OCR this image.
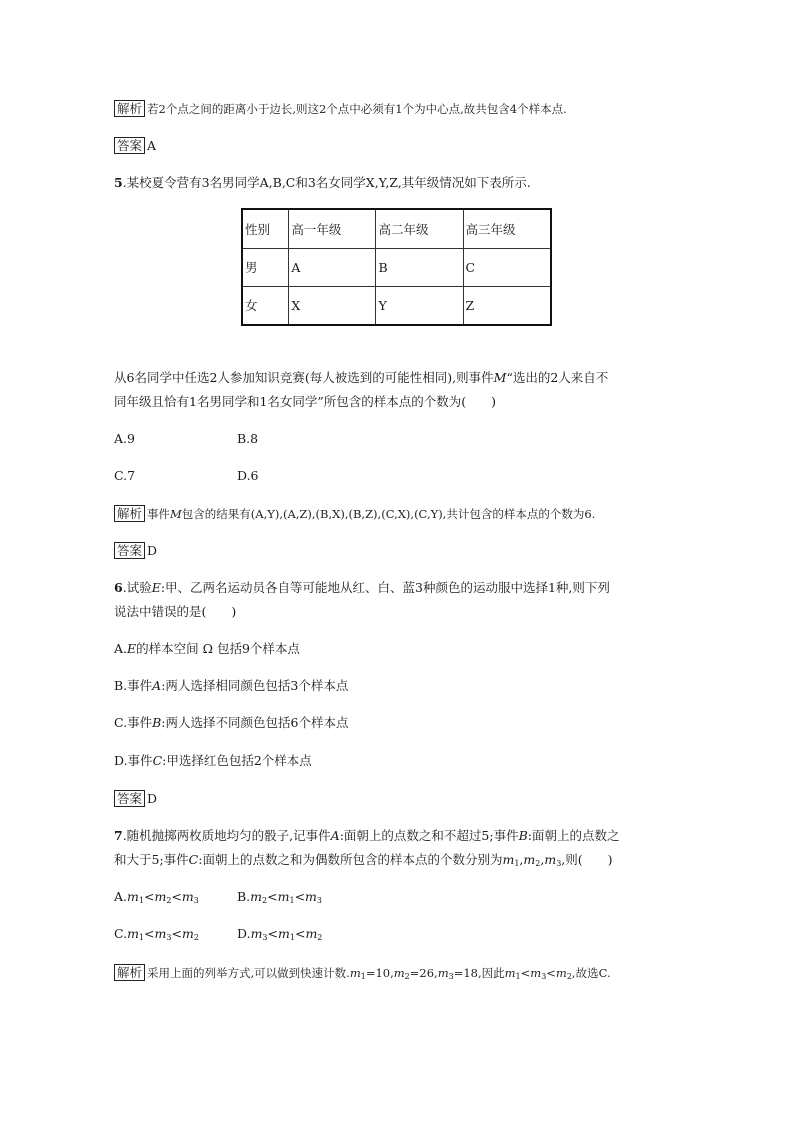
解析 若2个点之间的距离小于边长,则这2个点中必须有1个为中心点,故共包含4个样本点.
答案 A
5.某校夏令营有3名男同学A,B,C和3名女同学X,Y,Z,其年级情况如下表所示.
性别	高一年级	高二年级	高三年级
男	A	B	C
女	X	Y	Z
从6名同学中任选2人参加知识竞赛(每人被选到的可能性相同),则事件M“选出的2人来自不
同年级且恰有1名男同学和1名女同学”所包含的样本点的个数为(　　)
A.9	B.8
C.7	D.6
解析 事件M包含的结果有(A,Y),(A,Z),(B,X),(B,Z),(C,X),(C,Y),共计包含的样本点的个数为6.
答案 D
6.试验E:甲、乙两名运动员各自等可能地从红、白、蓝3种颜色的运动服中选择1种,则下列
说法中错误的是(　　)
A.E的样本空间 Ω 包括9个样本点
B.事件A:两人选择相同颜色包括3个样本点
C.事件B:两人选择不同颜色包括6个样本点
D.事件C:甲选择红色包括2个样本点
答案 D
7.随机抛掷两枚质地均匀的骰子,记事件A:面朝上的点数之和不超过5;事件B:面朝上的点数之
和大于5;事件C:面朝上的点数之和为偶数所包含的样本点的个数分别为$m_1,m_2,m_3$,则(　　)
$A.m_1<m_2<m_3$	$B.m_2<m_1<m_3$
$C.m_1<m_3<m_2$	$D.m_3<m_1<m_2$
解析 采用上面的列举方式,可以做到快速计数$.m_1=10,m_2=26,m_3=18$,因此$m_1<m_3<m_2$,故选C.
